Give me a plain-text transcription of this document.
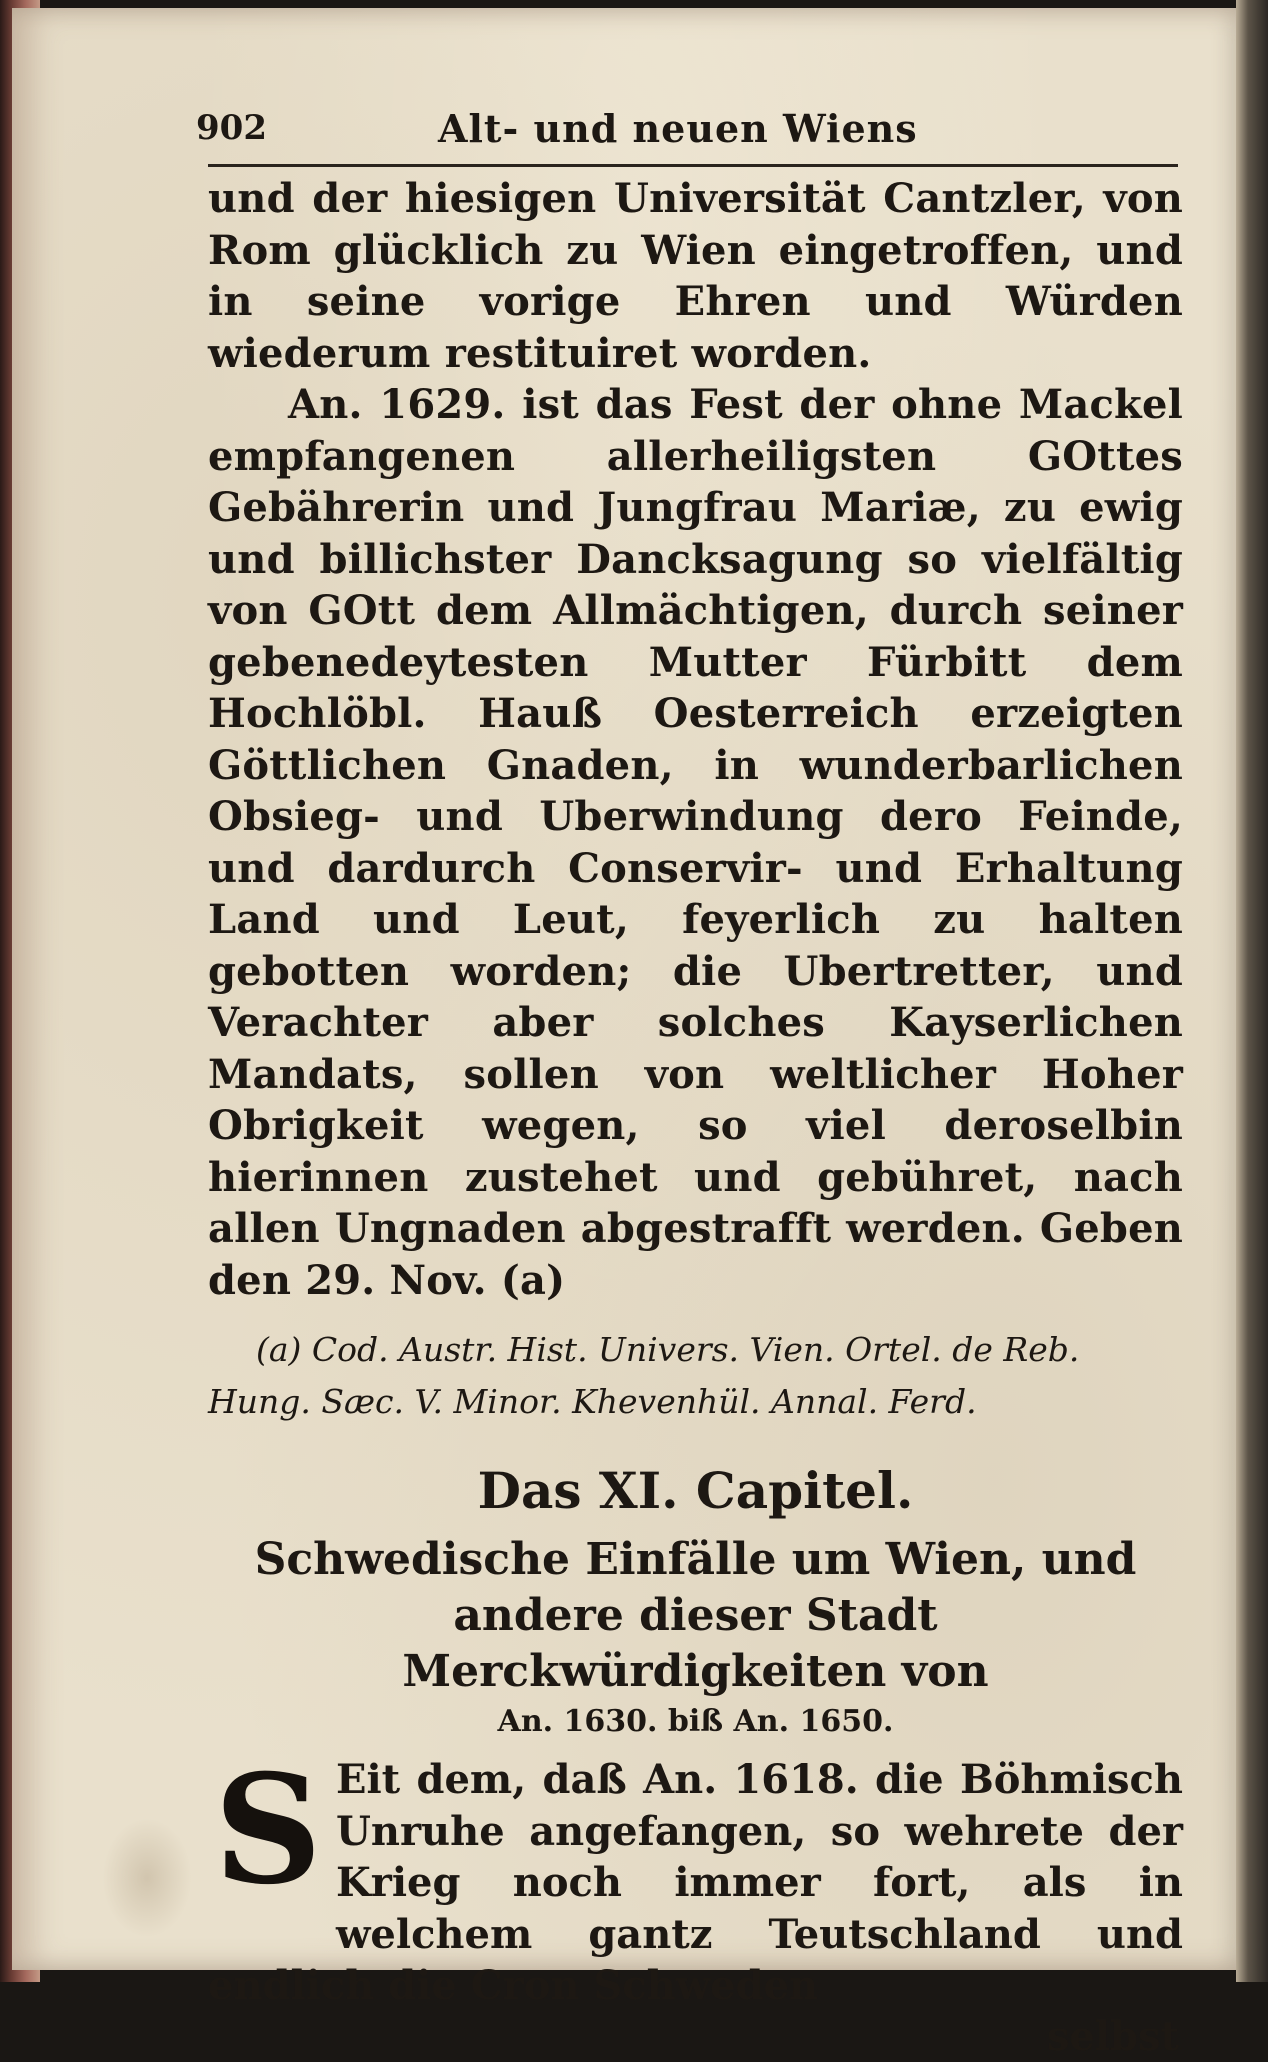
902	Alt- und neuen Wiens
und der hiesigen Universität Cantzler, von Rom glücklich zu Wien eingetroffen, und in seine vorige Ehren und Würden wiederum restituiret worden.
An. 1629. ist das Fest der ohne Mackel empfangenen allerheiligsten GOttes Gebährerin und Jungfrau Mariæ, zu ewig und billichster Dancksagung so vielfältig von GOtt dem Allmächtigen, durch seiner gebenedeytesten Mutter Fürbitt dem Hochlöbl. Hauß Oesterreich erzeigten Göttlichen Gnaden, in wunderbarlichen Obsieg- und Uberwindung dero Feinde, und dardurch Conservir- und Erhaltung Land und Leut, feyerlich zu halten gebotten worden; die Ubertretter, und Verachter aber solches Kayserlichen Mandats, sollen von weltlicher Hoher Obrigkeit wegen, so viel deroselbin hierinnen zustehet und gebühret, nach allen Ungnaden abgestrafft werden. Geben den 29. Nov. (a)
(a) Cod. Austr. Hist. Univers. Vien. Ortel. de Reb. Hung. Sæc. V. Minor. Khevenhül. Annal. Ferd.
Das XI. Capitel.
Schwedische Einfälle um Wien, und andere dieser Stadt Merckwürdigkeiten von
An. 1630. biß An. 1650.
S Eit dem, daß An. 1618. die Böhmisch Unruhe angefangen, so wehrete der Krieg noch immer fort, als in welchem gantz Teutschland und endlich die Cron Schweden
selbst
